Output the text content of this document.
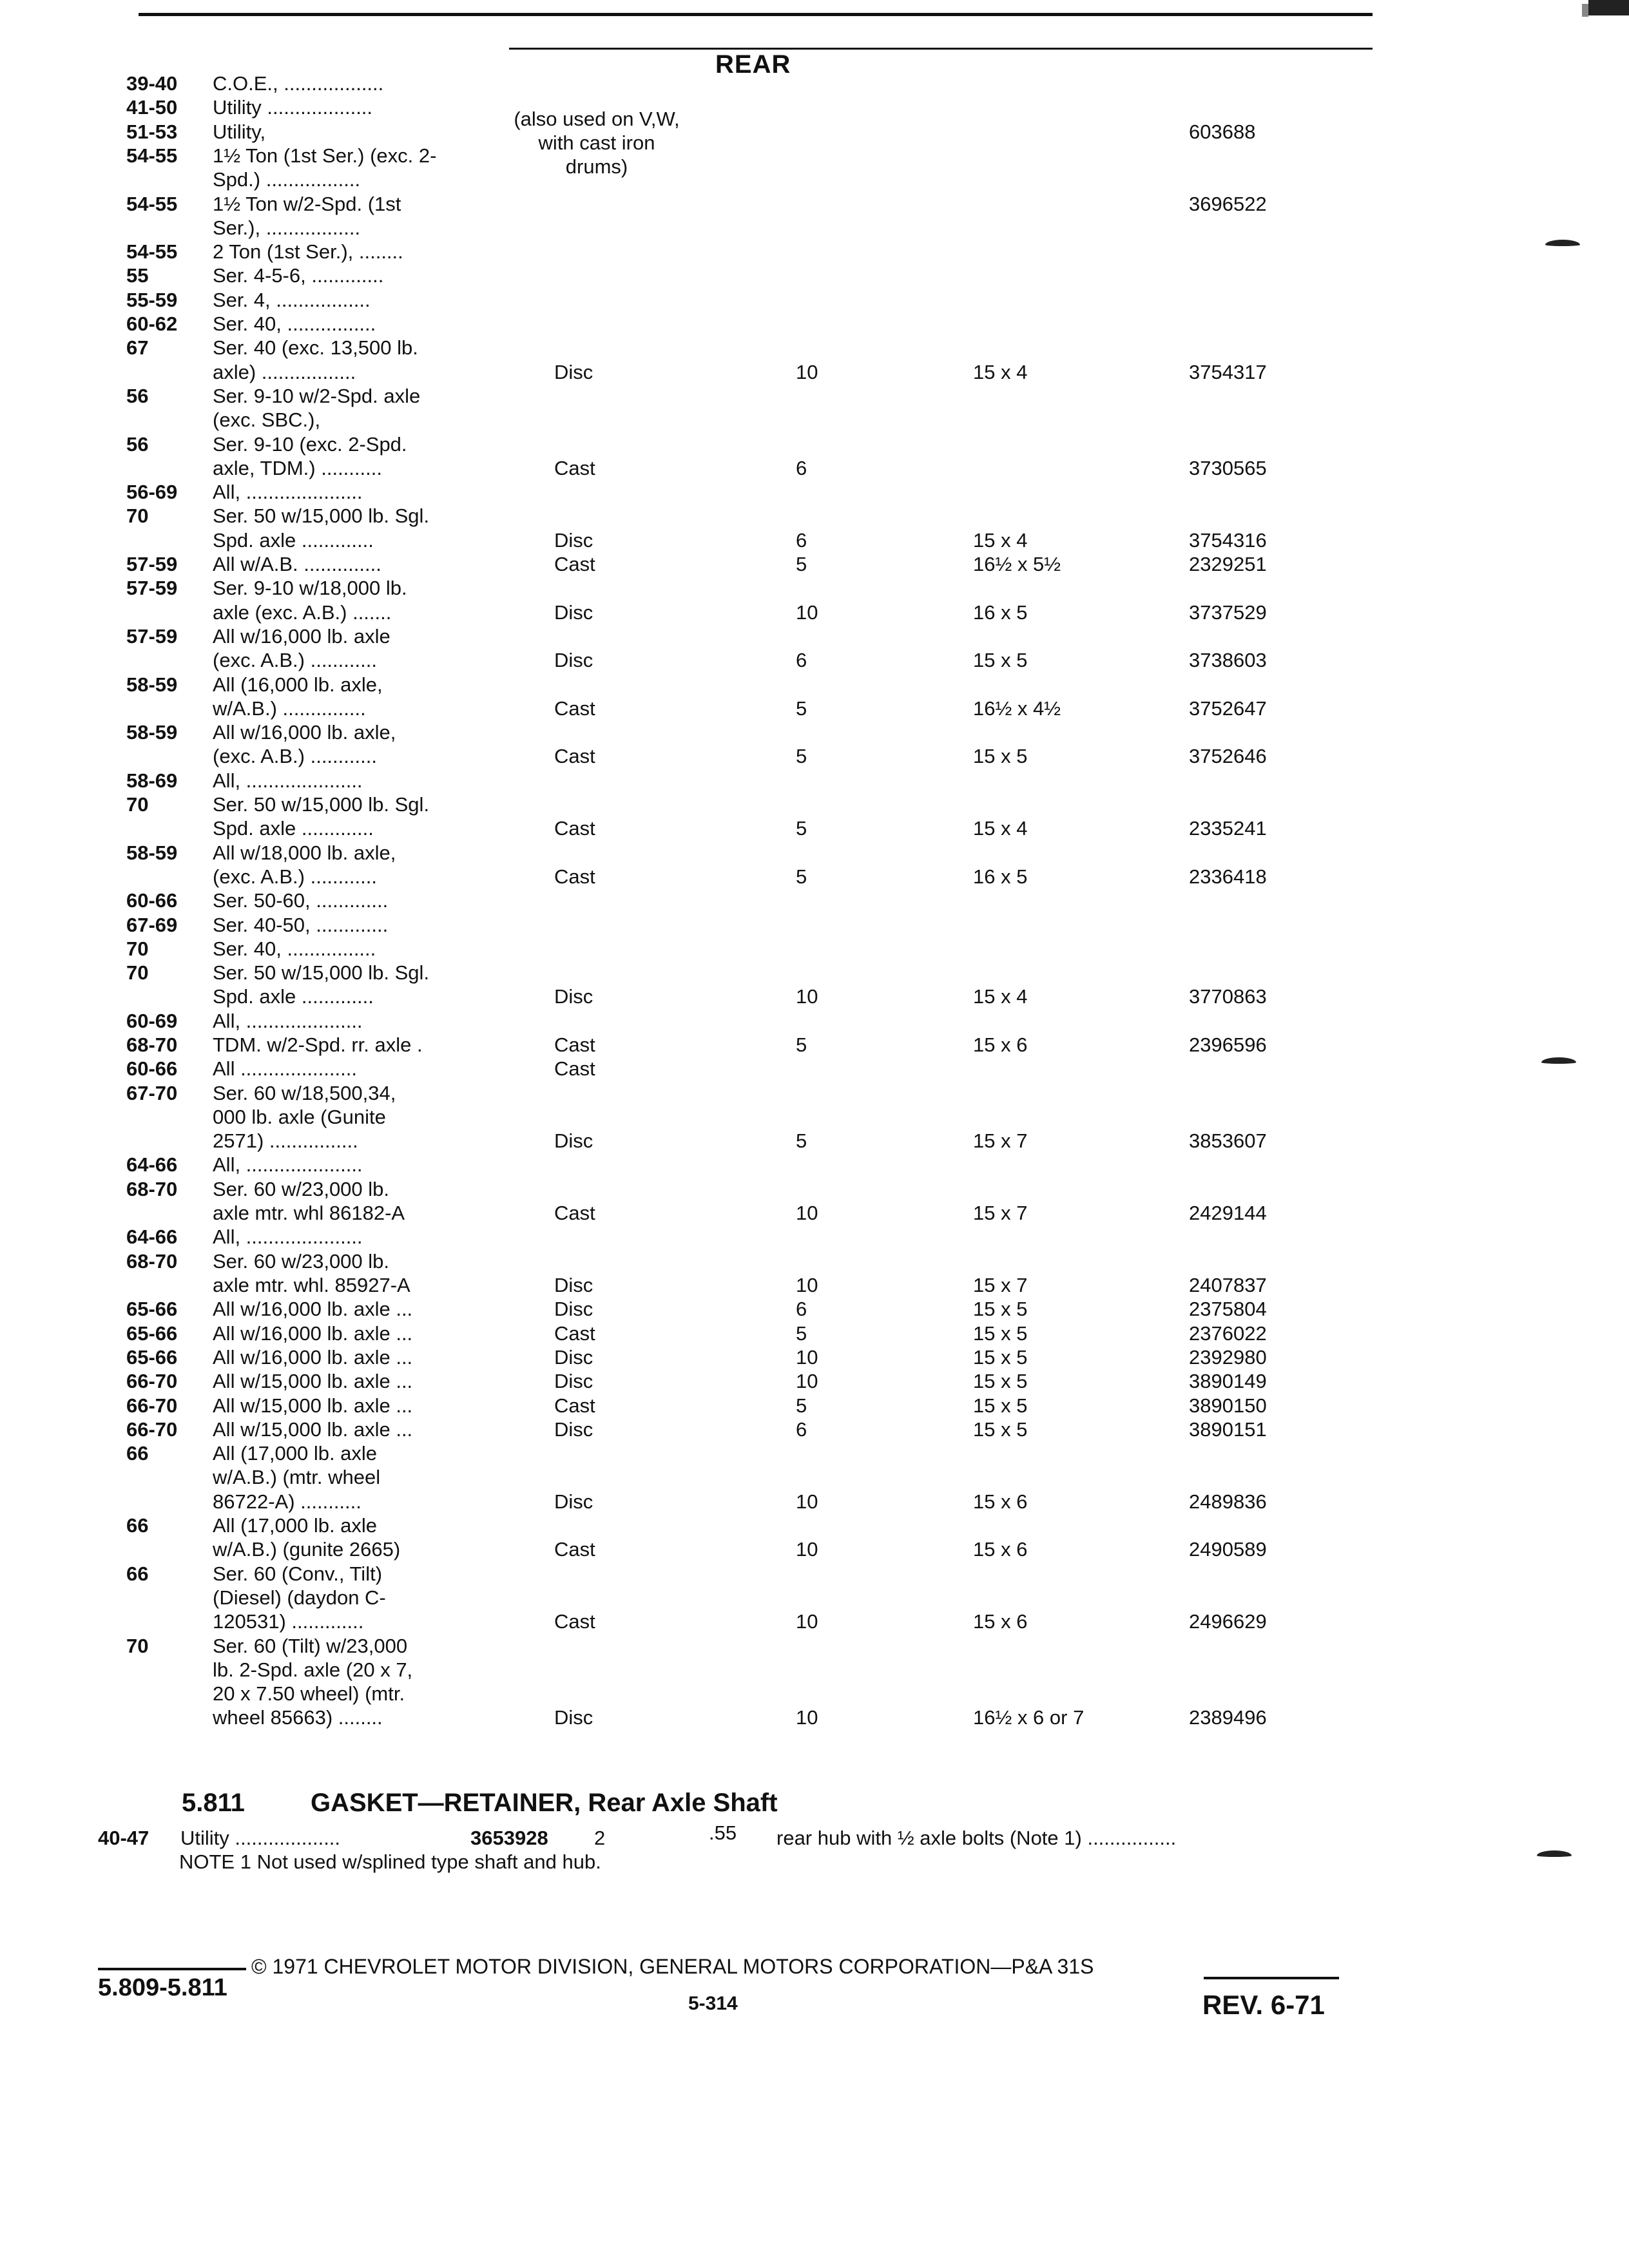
REAR
(also used on V,W,
with cast iron
drums)
39-40 C.O.E., ..................
41-50 Utility ...................
51-53 Utility,	603688
54-55 1½ Ton (1st Ser.) (exc. 2-
Spd.) .................
54-55 1½ Ton w/2-Spd. (1st	3696522
Ser.), .................
54-55 2 Ton (1st Ser.), ........
55	Ser. 4-5-6, .............
55-59 Ser. 4, .................
60-62 Ser. 40, ................
67	Ser. 40 (exc. 13,500 lb.
axle) .................	Disc	10	15 x 4	3754317
56	Ser. 9-10 w/2-Spd. axle
(exc. SBC.),
56	Ser. 9-10 (exc. 2-Spd.
axle, TDM.) ...........	Cast	6	3730565
56-69 All, .....................
70	Ser. 50 w/15,000 lb. Sgl.
Spd. axle .............	Disc	6	15 x 4	3754316
57-59 All w/A.B. ..............	Cast	5	16½ x 5½	2329251
57-59 Ser. 9-10 w/18,000 lb.
axle (exc. A.B.) .......	Disc	10	16 x 5	3737529
57-59 All w/16,000 lb. axle
(exc. A.B.) ............	Disc	6	15 x 5	3738603
58-59 All (16,000 lb. axle,
w/A.B.) ...............	Cast	5	16½ x 4½	3752647
58-59 All w/16,000 lb. axle,
(exc. A.B.) ............	Cast	5	15 x 5	3752646
58-69 All, .....................
70	Ser. 50 w/15,000 lb. Sgl.
Spd. axle .............	Cast	5	15 x 4	2335241
58-59 All w/18,000 lb. axle,
(exc. A.B.) ............	Cast	5	16 x 5	2336418
60-66 Ser. 50-60, .............
67-69 Ser. 40-50, .............
70	Ser. 40, ................
70	Ser. 50 w/15,000 lb. Sgl.
Spd. axle .............	Disc	10	15 x 4	3770863
60-69 All, .....................
68-70 TDM. w/2-Spd. rr. axle .	Cast	5	15 x 6	2396596
60-66 All .....................	Cast
67-70 Ser. 60 w/18,500,34,
000 lb. axle (Gunite
2571) ................	Disc	5	15 x 7	3853607
64-66 All, .....................
68-70 Ser. 60 w/23,000 lb.
axle mtr. whl 86182-A	Cast	10	15 x 7	2429144
64-66 All, .....................
68-70 Ser. 60 w/23,000 lb.
axle mtr. whl. 85927-A	Disc	10	15 x 7	2407837
65-66 All w/16,000 lb. axle ...	Disc	6	15 x 5	2375804
65-66 All w/16,000 lb. axle ...	Cast	5	15 x 5	2376022
65-66 All w/16,000 lb. axle ...	Disc	10	15 x 5	2392980
66-70 All w/15,000 lb. axle ...	Disc	10	15 x 5	3890149
66-70 All w/15,000 lb. axle ...	Cast	5	15 x 5	3890150
66-70 All w/15,000 lb. axle ...	Disc	6	15 x 5	3890151
66	All (17,000 lb. axle
w/A.B.) (mtr. wheel
86722-A) ...........	Disc	10	15 x 6	2489836
66	All (17,000 lb. axle
w/A.B.) (gunite 2665)	Cast	10	15 x 6	2490589
66	Ser. 60 (Conv., Tilt)
(Diesel) (daydon C-
120531) .............	Cast	10	15 x 6	2496629
70	Ser. 60 (Tilt) w/23,000
lb. 2-Spd. axle (20 x 7,
20 x 7.50 wheel) (mtr.
wheel 85663) ........	Disc	10	16½ x 6 or 7	2389496
5.811	GASKET—RETAINER, Rear Axle Shaft
40-47 Utility ...................	3653928 2	.55 rear hub with ½ axle bolts (Note 1) ................
NOTE 1 Not used w/splined type shaft and hub.
© 1971 CHEVROLET MOTOR DIVISION, GENERAL MOTORS CORPORATION—P&A 31S
5.809-5.811
5-314	REV. 6-71
